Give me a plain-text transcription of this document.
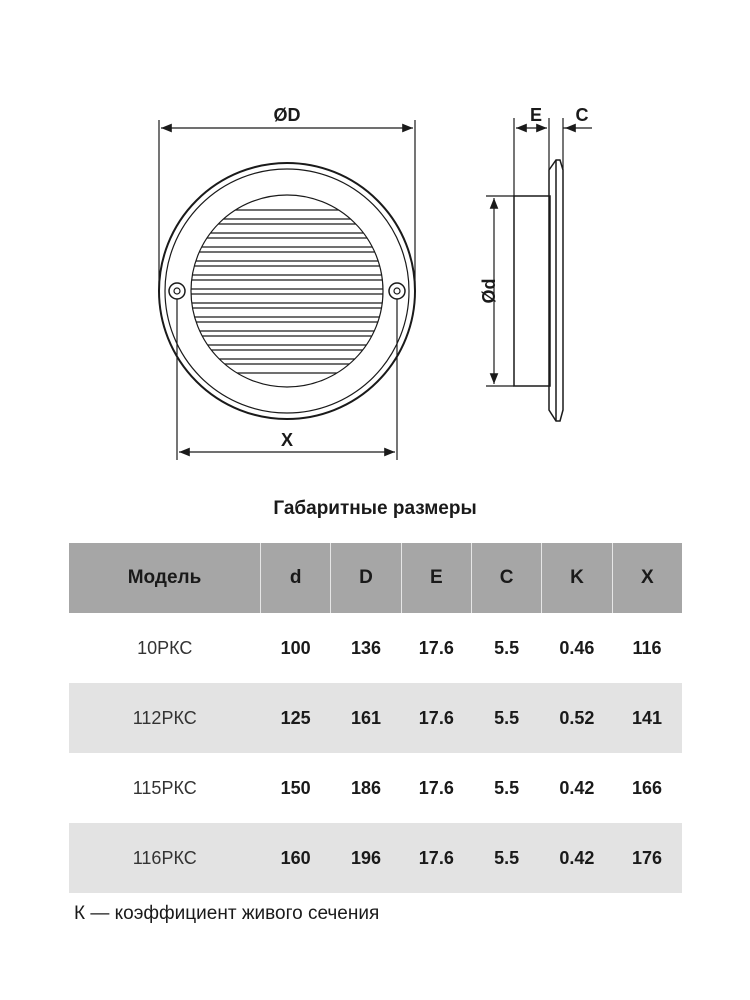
ØD
X
Ød
E C
Габаритные размеры
Модель	d	D	E	C	K	X
10РКС	100	136	17.6	5.5	0.46	116
112РКС	125	161	17.6	5.5	0.52	141
115РКС	150	186	17.6	5.5	0.42	166
116РКС	160	196	17.6	5.5	0.42	176
К — коэффициент живого сечения
